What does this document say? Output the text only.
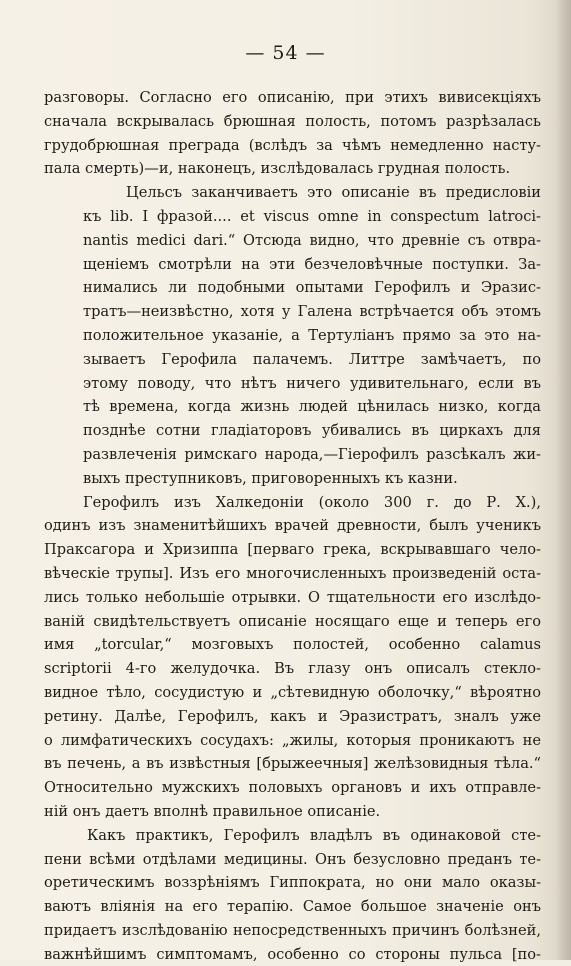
— 54 —
разговоры. Согласно его описанію, при этихъ вивисекціяхъ
сначала вскрывалась брюшная полость, потомъ разрѣзалась
грудобрюшная преграда (вслѣдъ за чѣмъ немедленно насту-
пала смерть)—и, наконецъ, изслѣдовалась грудная полость.
Цельсъ заканчиваетъ это описаніе въ предисловіи
къ lib. I фразой.... et viscus omne in conspectum latroci-
nantis medici dari.“ Отсюда видно, что древніе съ отвра-
щеніемъ смотрѣли на эти безчеловѣчные поступки. За-
нимались ли подобными опытами Герофилъ и Эразис-
тратъ—неизвѣстно, хотя у Галена встрѣчается объ этомъ
положительное указаніе, а Тертуліанъ прямо за это на-
зываетъ Герофила палачемъ. Литтре замѣчаетъ, по
этому поводу, что нѣтъ ничего удивительнаго, если въ
тѣ времена, когда жизнь людей цѣнилась низко, когда
позднѣе сотни гладіаторовъ убивались въ циркахъ для
развлеченія римскаго народа,—Гіерофилъ разсѣкалъ жи-
выхъ преступниковъ, приговоренныхъ къ казни.
Герофилъ изъ Халкедоніи (около 300 г. до Р. Х.),
одинъ изъ знаменитѣйшихъ врачей древности, былъ ученикъ
Праксагора и Хризиппа [перваго грека, вскрывавшаго чело-
вѣческіе трупы]. Изъ его многочисленныхъ произведеній оста-
лись только небольшіе отрывки. О тщательности его изслѣдо-
ваній свидѣтельствуетъ описаніе носящаго еще и теперь его
имя „torcular,“ мозговыхъ полостей, особенно calamus
scriptorii 4-го желудочка. Въ глазу онъ описалъ стекло-
видное тѣло, сосудистую и „сѣтевидную оболочку,“ вѣроятно
ретину. Далѣе, Герофилъ, какъ и Эразистратъ, зналъ уже
о лимфатическихъ сосудахъ: „жилы, которыя проникаютъ не
въ печень, а въ извѣстныя [брыжеечныя] желѣзовидныя тѣла.“
Относительно мужскихъ половыхъ органовъ и ихъ отправле-
ній онъ даетъ вполнѣ правильное описаніе.
Какъ практикъ, Герофилъ владѣлъ въ одинаковой сте-
пени всѣми отдѣлами медицины. Онъ безусловно преданъ те-
оретическимъ воззрѣніямъ Гиппократа, но они мало оказы-
ваютъ вліянія на его терапію. Самое большое значеніе онъ
придаетъ изслѣдованію непосредственныхъ причинъ болѣзней,
важнѣйшимъ симптомамъ, особенно со стороны пульса [по-
